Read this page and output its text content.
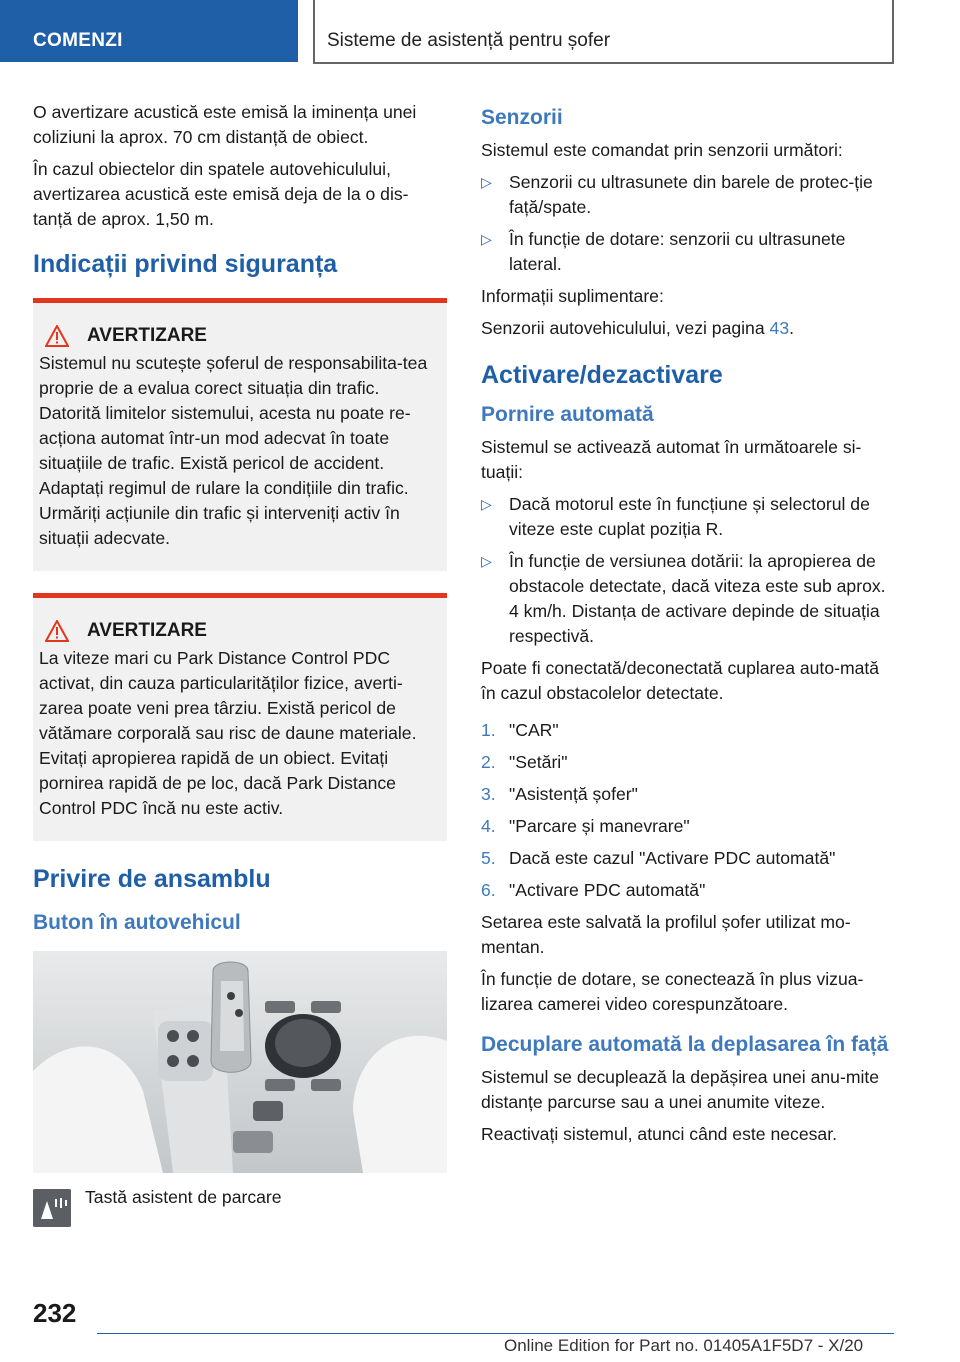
COMENZI	Sisteme de asistență pentru șofer

O avertizare acustică este emisă la iminența unei coliziuni la aprox. 70 cm distanță de obiect.

În cazul obiectelor din spatele autovehiculului, avertizarea acustică este emisă deja de la o dis-tanță de aprox. 1,50 m.

Indicații privind siguranța
AVERTIZARE

Sistemul nu scutește șoferul de responsabilita-tea proprie de a evalua corect situația din trafic. Datorită limitelor sistemului, acesta nu poate re-acționa automat într-un mod adecvat în toate situațiile de trafic. Există pericol de accident. Adaptați regimul de rulare la condițiile din trafic. Urmăriți acțiunile din trafic și interveniți activ în situații adecvate.

AVERTIZARE

La viteze mari cu Park Distance Control PDC activat, din cauza particularităților fizice, averti-zarea poate veni prea târziu. Există pericol de vătămare corporală sau risc de daune materiale. Evitați apropierea rapidă de un obiect. Evitați pornirea rapidă de pe loc, dacă Park Distance Control PDC încă nu este activ.

Privire de ansamblu
Buton în autovehicul

Tastă asistent de parcare

Senzorii

Sistemul este comandat prin senzorii următori:

▷ Senzorii cu ultrasunete din barele de protec-ție față/spate.
▷ În funcție de dotare: senzorii cu ultrasunete lateral.

Informații suplimentare:

Senzorii autovehiculului, vezi pagina 43.

Activare/dezactivare
Pornire automată

Sistemul se activează automat în următoarele si-tuații:

▷ Dacă motorul este în funcțiune și selectorul de viteze este cuplat poziția R.
▷ În funcție de versiunea dotării: la apropierea de obstacole detectate, dacă viteza este sub aprox. 4 km/h. Distanța de activare depinde de situația respectivă.

Poate fi conectată/deconectată cuplarea auto-mată în cazul obstacolelor detectate.

1. "CAR"
2. "Setări"
3. "Asistență șofer"
4. "Parcare și manevrare"
5. Dacă este cazul "Activare PDC automată"
6. "Activare PDC automată"

Setarea este salvată la profilul șofer utilizat mo-mentan.

În funcție de dotare, se conectează în plus vizua-lizarea camerei video corespunzătoare.

Decuplare automată la deplasarea în față

Sistemul se decuplează la depășirea unei anu-mite distanțe parcurse sau a unei anumite viteze.

Reactivați sistemul, atunci când este necesar.

232
Online Edition for Part no. 01405A1F5D7 - X/20
